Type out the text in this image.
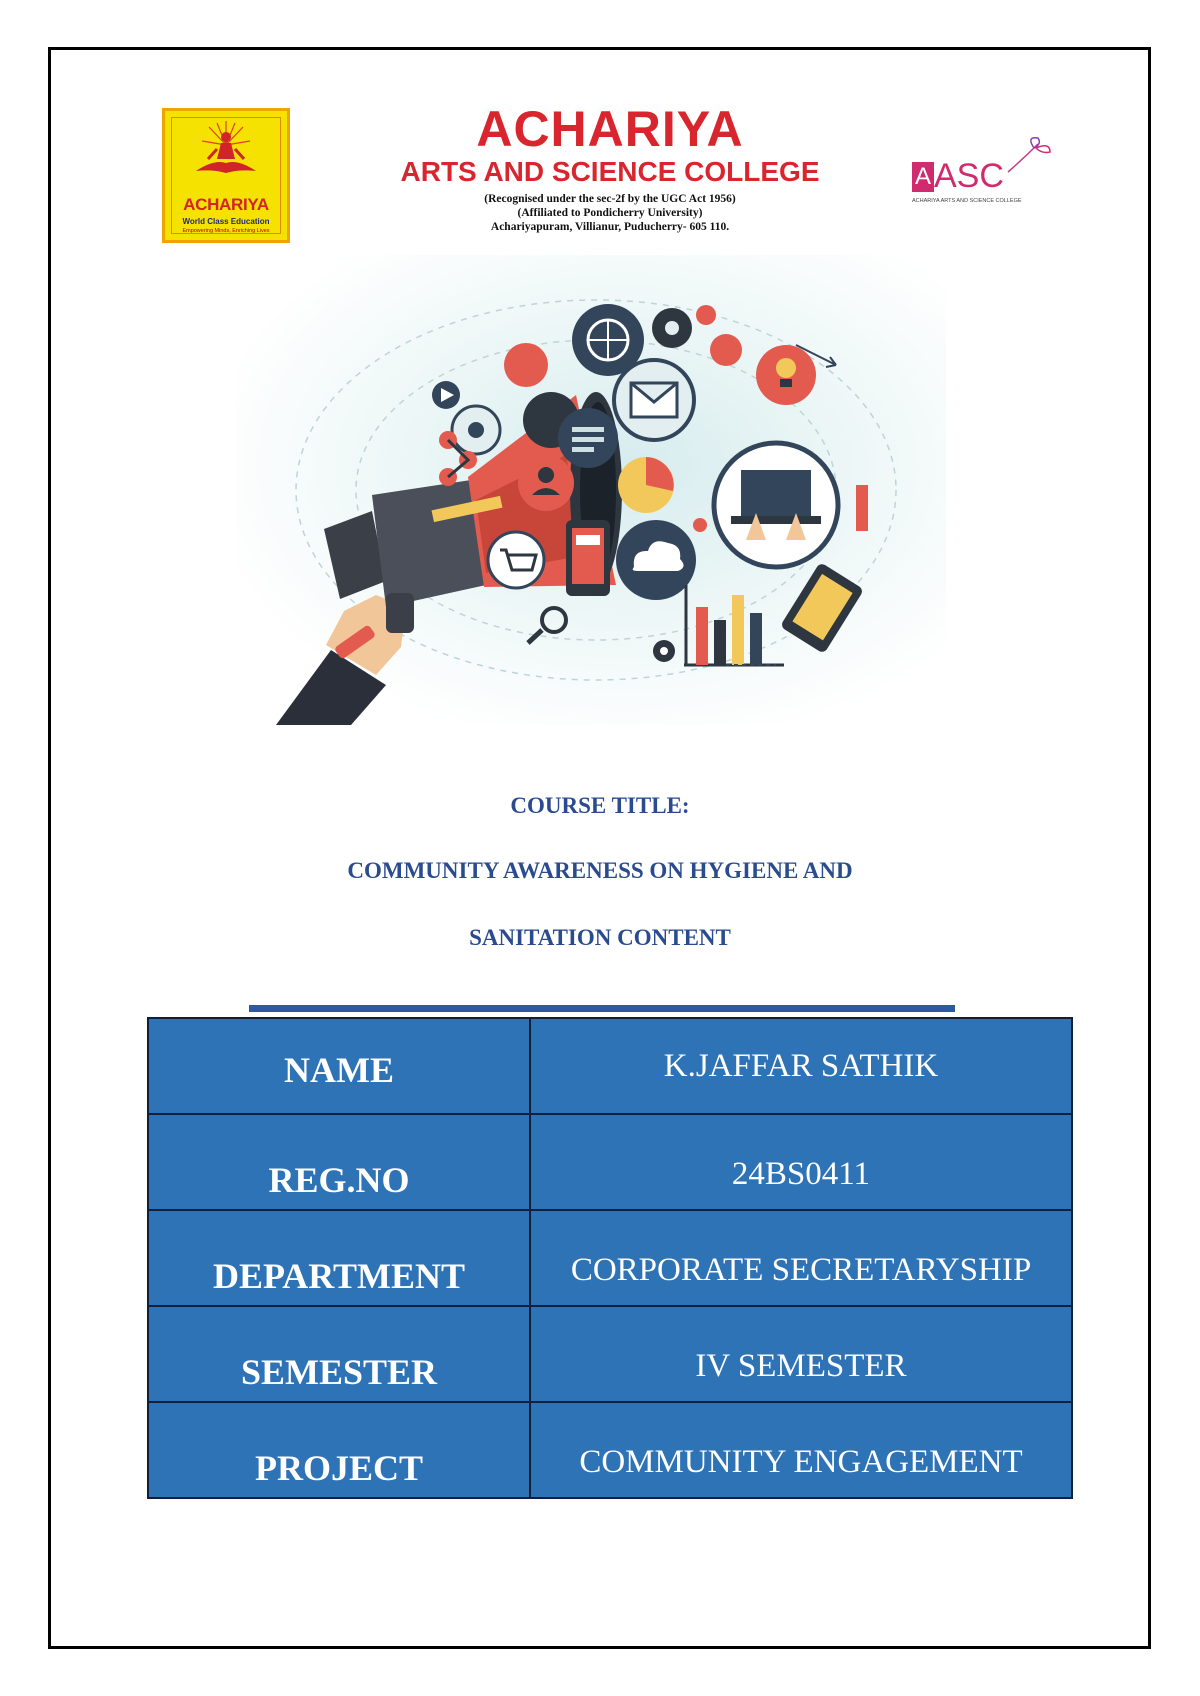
ACHARIYA
World Class Education
Empowering Minds, Enriching Lives
ACHARIYA
ARTS AND SCIENCE COLLEGE
(Recognised under the sec-2f by the UGC Act 1956)
(Affiliated to Pondicherry University)
Achariyapuram, Villianur, Puducherry- 605 110.
A ASC
ACHARIYA ARTS AND SCIENCE COLLEGE
COURSE TITLE:
COMMUNITY AWARENESS ON HYGIENE AND
SANITATION CONTENT
NAME	K.JAFFAR SATHIK
REG.NO	24BS0411
DEPARTMENT	CORPORATE SECRETARYSHIP
SEMESTER	IV SEMESTER
PROJECT	COMMUNITY ENGAGEMENT
